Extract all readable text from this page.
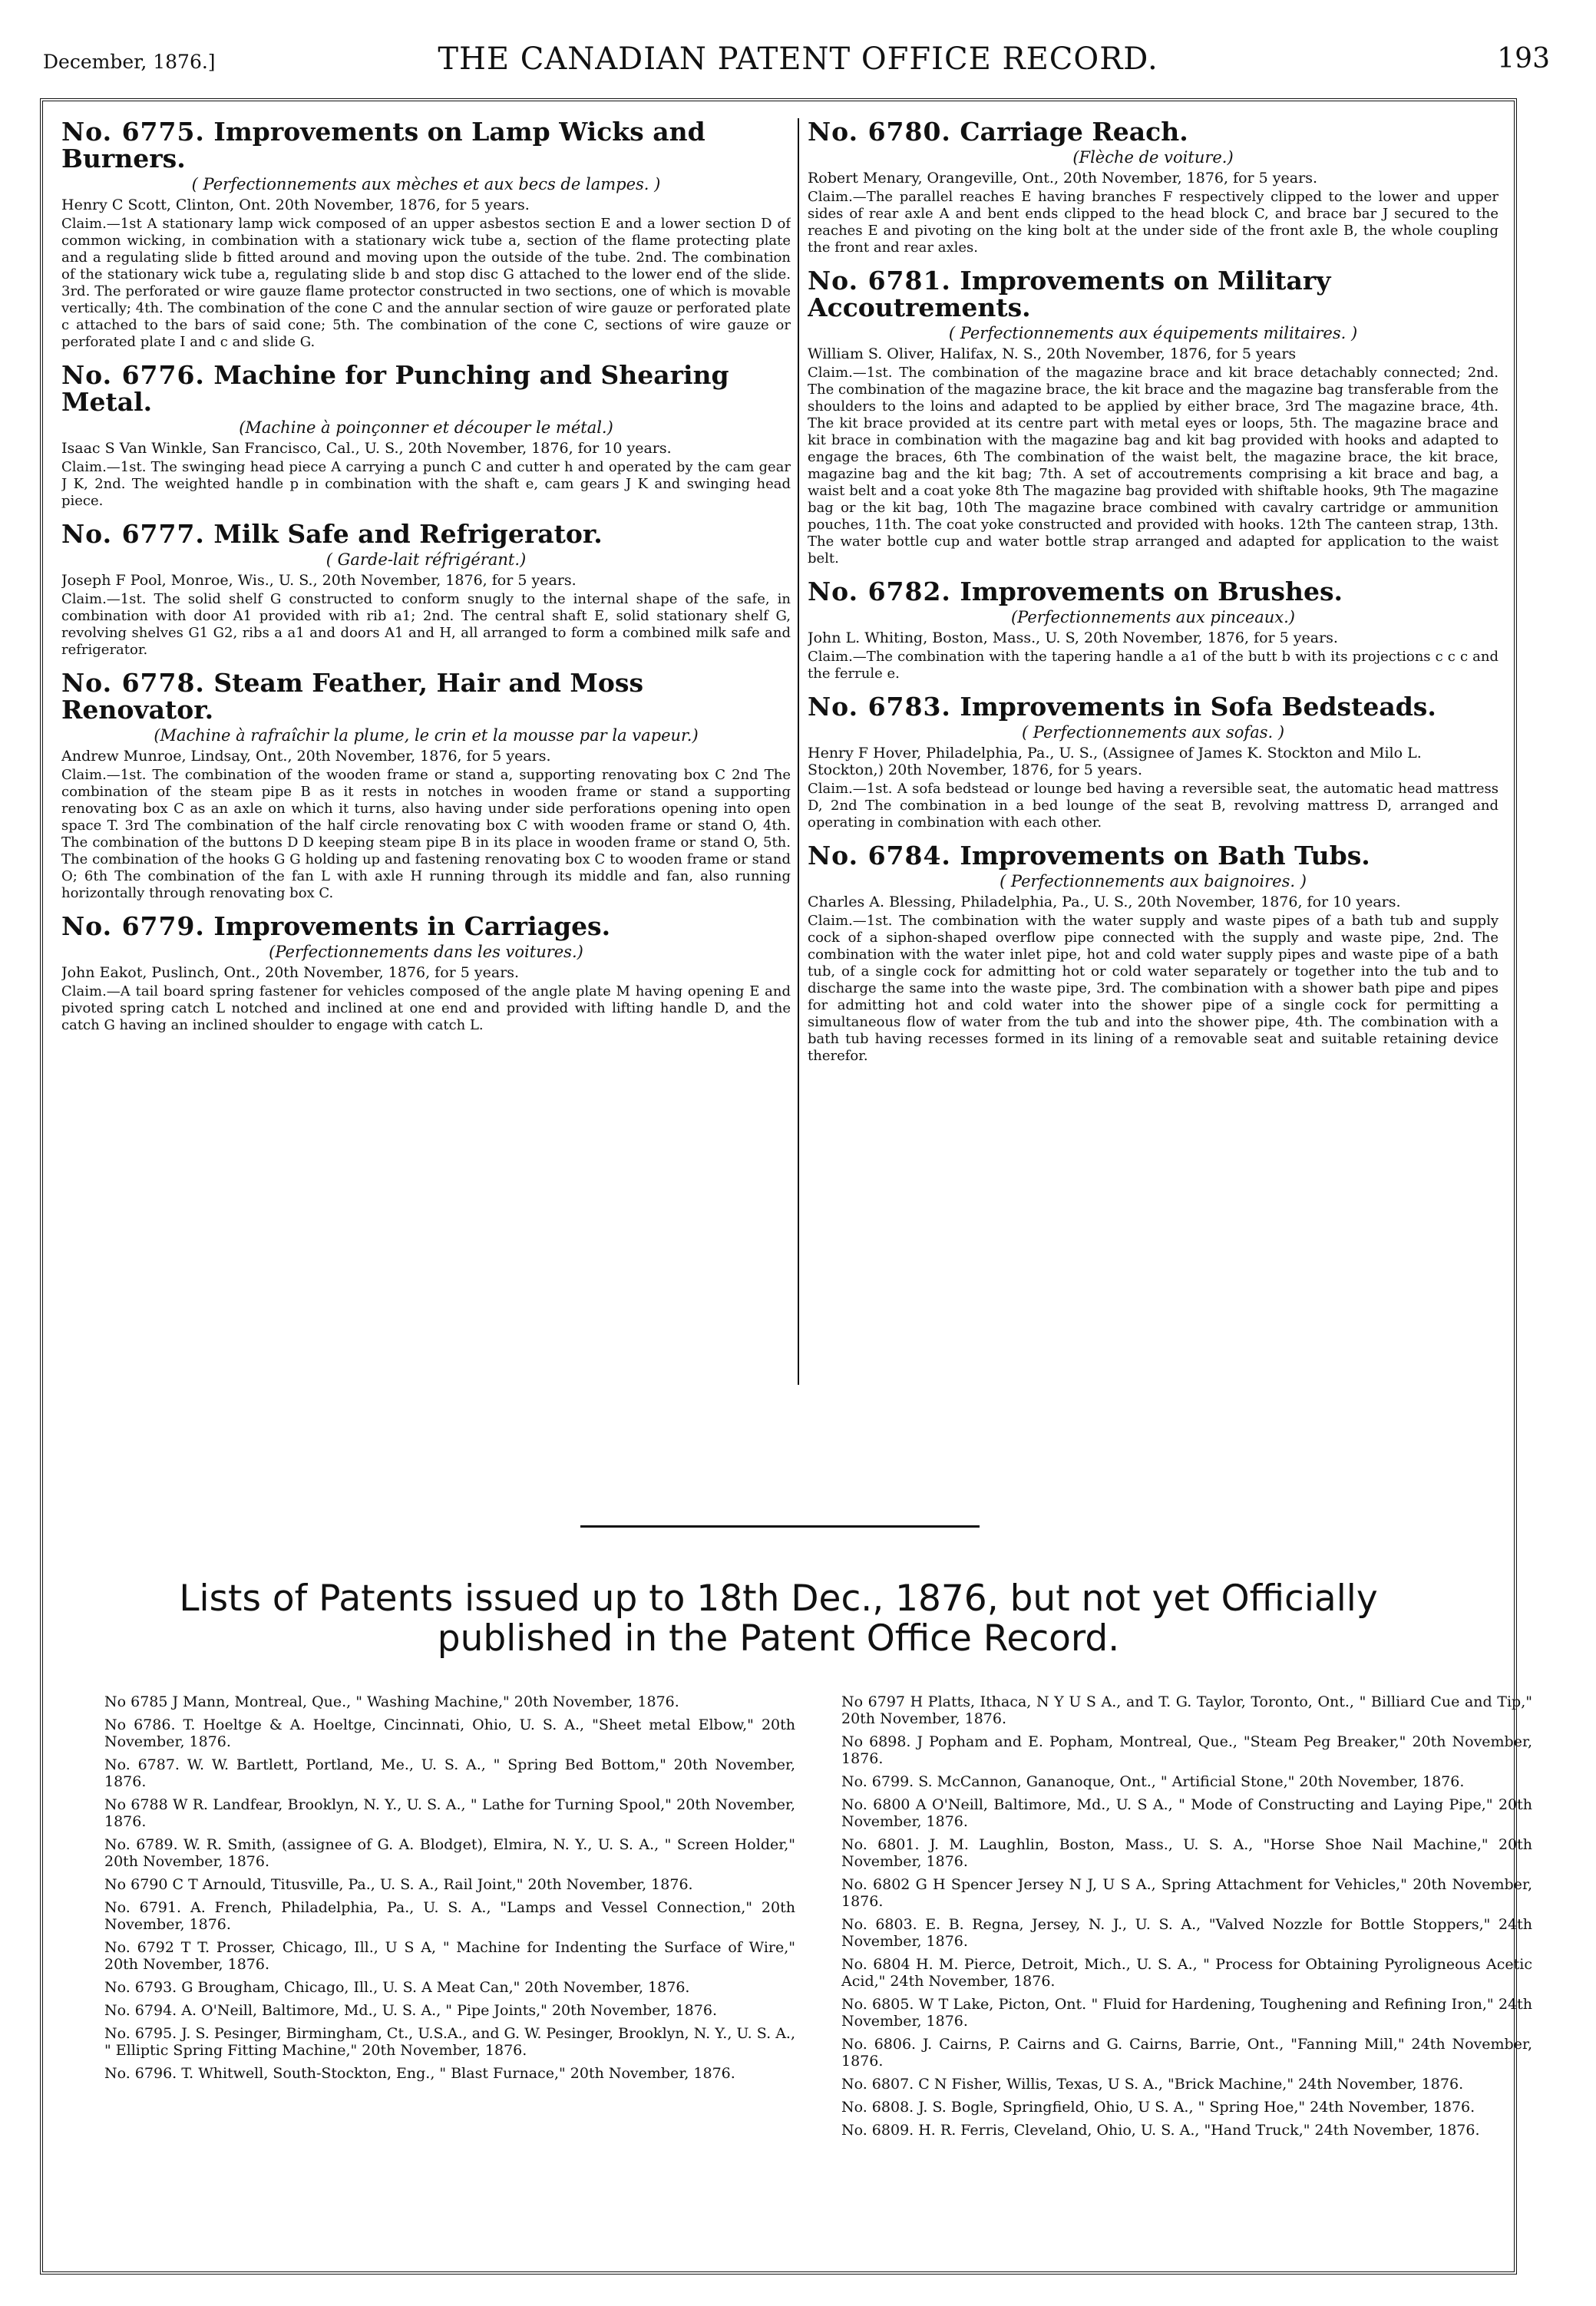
December, 1876.]	THE CANADIAN PATENT OFFICE RECORD.	193
No. 6775. Improvements on Lamp Wicks and Burners.
( Perfectionnements aux mèches et aux becs de lampes. )
Henry C Scott, Clinton, Ont. 20th November, 1876, for 5 years.
Claim.—1st A stationary lamp wick composed of an upper asbestos section E and a lower section D of common wicking, in combination with a stationary wick tube a, section of the flame protecting plate and a regulating slide b fitted around and moving upon the outside of the tube. 2nd. The combination of the stationary wick tube a, regulating slide b and stop disc G attached to the lower end of the slide. 3rd. The perforated or wire gauze flame protector constructed in two sections, one of which is movable vertically; 4th. The combination of the cone C and the annular section of wire gauze or perforated plate c attached to the bars of said cone; 5th. The combination of the cone C, sections of wire gauze or perforated plate I and c and slide G.
No. 6776. Machine for Punching and Shearing Metal.
(Machine à poinçonner et découper le métal.)
Isaac S Van Winkle, San Francisco, Cal., U. S., 20th November, 1876, for 10 years.
Claim.—1st. The swinging head piece A carrying a punch C and cutter h and operated by the cam gear J K, 2nd. The weighted handle p in combination with the shaft e, cam gears J K and swinging head piece.
No. 6777. Milk Safe and Refrigerator.
( Garde-lait réfrigérant.)
Joseph F Pool, Monroe, Wis., U. S., 20th November, 1876, for 5 years.
Claim.—1st. The solid shelf G constructed to conform snugly to the internal shape of the safe, in combination with door A1 provided with rib a1; 2nd. The central shaft E, solid stationary shelf G, revolving shelves G1 G2, ribs a a1 and doors A1 and H, all arranged to form a combined milk safe and refrigerator.
No. 6778. Steam Feather, Hair and Moss Renovator.
(Machine à rafraîchir la plume, le crin et la mousse par la vapeur.)
Andrew Munroe, Lindsay, Ont., 20th November, 1876, for 5 years.
Claim.—1st. The combination of the wooden frame or stand a, supporting renovating box C 2nd The combination of the steam pipe B as it rests in notches in wooden frame or stand a supporting renovating box C as an axle on which it turns, also having under side perforations opening into open space T. 3rd The combination of the half circle renovating box C with wooden frame or stand O, 4th. The combination of the buttons D D keeping steam pipe B in its place in wooden frame or stand O, 5th. The combination of the hooks G G holding up and fastening renovating box C to wooden frame or stand O; 6th The combination of the fan L with axle H running through its middle and fan, also running horizontally through renovating box C.
No. 6779. Improvements in Carriages.
(Perfectionnements dans les voitures.)
John Eakot, Puslinch, Ont., 20th November, 1876, for 5 years.
Claim.—A tail board spring fastener for vehicles composed of the angle plate M having opening E and pivoted spring catch L notched and inclined at one end and provided with lifting handle D, and the catch G having an inclined shoulder to engage with catch L.
No. 6780. Carriage Reach.
(Flèche de voiture.)
Robert Menary, Orangeville, Ont., 20th November, 1876, for 5 years.
Claim.—The parallel reaches E having branches F respectively clipped to the lower and upper sides of rear axle A and bent ends clipped to the head block C, and brace bar J secured to the reaches E and pivoting on the king bolt at the under side of the front axle B, the whole coupling the front and rear axles.
No. 6781. Improvements on Military Accoutrements.
( Perfectionnements aux équipements militaires. )
William S. Oliver, Halifax, N. S., 20th November, 1876, for 5 years
Claim.—1st. The combination of the magazine brace and kit brace detachably connected; 2nd. The combination of the magazine brace, the kit brace and the magazine bag transferable from the shoulders to the loins and adapted to be applied by either brace, 3rd The magazine brace, 4th. The kit brace provided at its centre part with metal eyes or loops, 5th. The magazine brace and kit brace in combination with the magazine bag and kit bag provided with hooks and adapted to engage the braces, 6th The combination of the waist belt, the magazine brace, the kit brace, magazine bag and the kit bag; 7th. A set of accoutrements comprising a kit brace and bag, a waist belt and a coat yoke 8th The magazine bag provided with shiftable hooks, 9th The magazine bag or the kit bag, 10th The magazine brace combined with cavalry cartridge or ammunition pouches, 11th. The coat yoke constructed and provided with hooks. 12th The canteen strap, 13th. The water bottle cup and water bottle strap arranged and adapted for application to the waist belt.
No. 6782. Improvements on Brushes.
(Perfectionnements aux pinceaux.)
John L. Whiting, Boston, Mass., U. S, 20th November, 1876, for 5 years.
Claim.—The combination with the tapering handle a a1 of the butt b with its projections c c c and the ferrule e.
No. 6783. Improvements in Sofa Bedsteads.
( Perfectionnements aux sofas. )
Henry F Hover, Philadelphia, Pa., U. S., (Assignee of James K. Stockton and Milo L. Stockton,) 20th November, 1876, for 5 years.
Claim.—1st. A sofa bedstead or lounge bed having a reversible seat, the automatic head mattress D, 2nd The combination in a bed lounge of the seat B, revolving mattress D, arranged and operating in combination with each other.
No. 6784. Improvements on Bath Tubs.
( Perfectionnements aux baignoires. )
Charles A. Blessing, Philadelphia, Pa., U. S., 20th November, 1876, for 10 years.
Claim.—1st. The combination with the water supply and waste pipes of a bath tub and supply cock of a siphon-shaped overflow pipe connected with the supply and waste pipe, 2nd. The combination with the water inlet pipe, hot and cold water supply pipes and waste pipe of a bath tub, of a single cock for admitting hot or cold water separately or together into the tub and to discharge the same into the waste pipe, 3rd. The combination with a shower bath pipe and pipes for admitting hot and cold water into the shower pipe of a single cock for permitting a simultaneous flow of water from the tub and into the shower pipe, 4th. The combination with a bath tub having recesses formed in its lining of a removable seat and suitable retaining device therefor.
Lists of Patents issued up to 18th Dec., 1876, but not yet Officially published in the Patent Office Record.
No 6785 J Mann, Montreal, Que., " Washing Machine," 20th November, 1876.
No 6786. T. Hoeltge & A. Hoeltge, Cincinnati, Ohio, U. S. A., "Sheet metal Elbow," 20th November, 1876.
No. 6787. W. W. Bartlett, Portland, Me., U. S. A., " Spring Bed Bottom," 20th November, 1876.
No 6788 W R. Landfear, Brooklyn, N. Y., U. S. A., " Lathe for Turning Spool," 20th November, 1876.
No. 6789. W. R. Smith, (assignee of G. A. Blodget), Elmira, N. Y., U. S. A., " Screen Holder," 20th November, 1876.
No 6790 C T Arnould, Titusville, Pa., U. S. A., Rail Joint," 20th November, 1876.
No. 6791. A. French, Philadelphia, Pa., U. S. A., "Lamps and Vessel Connection," 20th November, 1876.
No. 6792 T T. Prosser, Chicago, Ill., U S A, " Machine for Indenting the Surface of Wire," 20th November, 1876.
No. 6793. G Brougham, Chicago, Ill., U. S. A Meat Can," 20th November, 1876.
No. 6794. A. O'Neill, Baltimore, Md., U. S. A., " Pipe Joints," 20th November, 1876.
No. 6795. J. S. Pesinger, Birmingham, Ct., U.S.A., and G. W. Pesinger, Brooklyn, N. Y., U. S. A., " Elliptic Spring Fitting Machine," 20th November, 1876.
No. 6796. T. Whitwell, South-Stockton, Eng., " Blast Furnace," 20th November, 1876.
No 6797 H Platts, Ithaca, N Y U S A., and T. G. Taylor, Toronto, Ont., " Billiard Cue and Tip," 20th November, 1876.
No 6898. J Popham and E. Popham, Montreal, Que., "Steam Peg Breaker," 20th November, 1876.
No. 6799. S. McCannon, Gananoque, Ont., " Artificial Stone," 20th November, 1876.
No. 6800 A O'Neill, Baltimore, Md., U. S A., " Mode of Constructing and Laying Pipe," 20th November, 1876.
No. 6801. J. M. Laughlin, Boston, Mass., U. S. A., "Horse Shoe Nail Machine," 20th November, 1876.
No. 6802 G H Spencer Jersey N J, U S A., Spring Attachment for Vehicles," 20th November, 1876.
No. 6803. E. B. Regna, Jersey, N. J., U. S. A., "Valved Nozzle for Bottle Stoppers," 24th November, 1876.
No. 6804 H. M. Pierce, Detroit, Mich., U. S. A., " Process for Obtaining Pyroligneous Acetic Acid," 24th November, 1876.
No. 6805. W T Lake, Picton, Ont. " Fluid for Hardening, Toughening and Refining Iron," 24th November, 1876.
No. 6806. J. Cairns, P. Cairns and G. Cairns, Barrie, Ont., "Fanning Mill," 24th November, 1876.
No. 6807. C N Fisher, Willis, Texas, U S. A., "Brick Machine," 24th November, 1876.
No. 6808. J. S. Bogle, Springfield, Ohio, U S. A., " Spring Hoe," 24th November, 1876.
No. 6809. H. R. Ferris, Cleveland, Ohio, U. S. A., "Hand Truck," 24th November, 1876.
